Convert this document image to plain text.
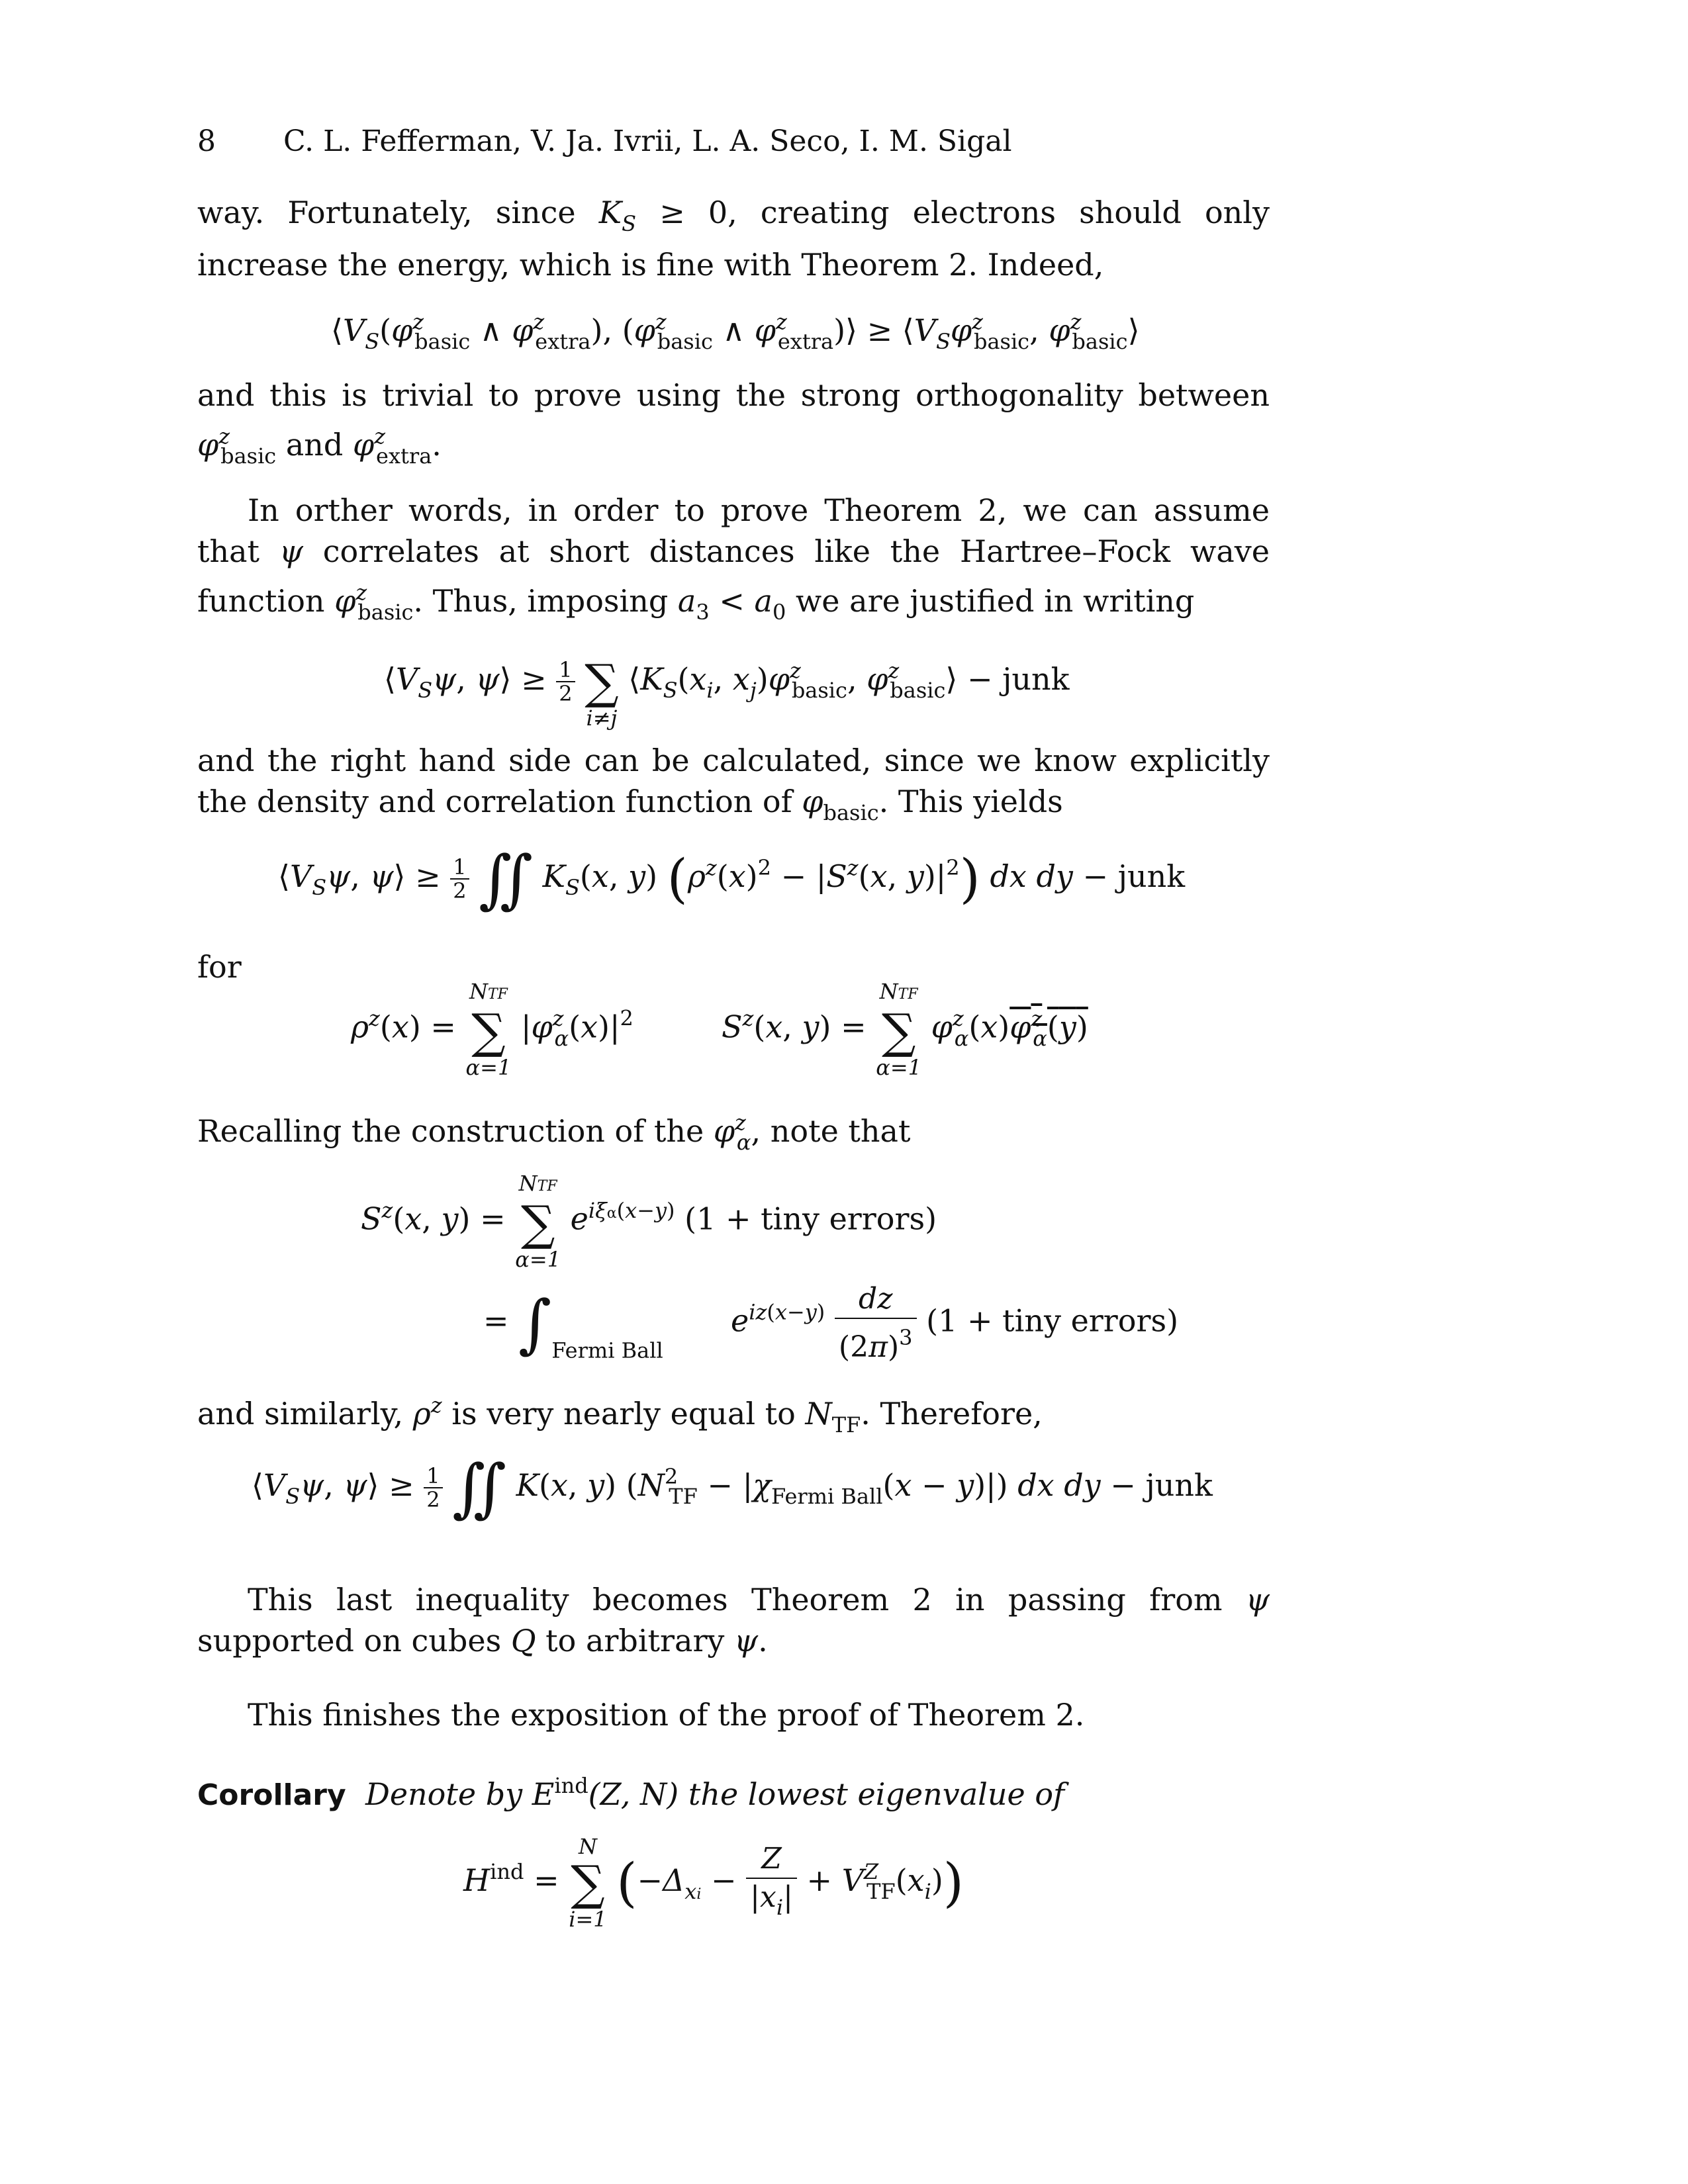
8 C. L. Fefferman, V. Ja. Ivrii, L. A. Seco, I. M. Sigal
way. Fortunately, since $K_S \ge 0$, creating electrons should only increase the energy, which is fine with Theorem 2. Indeed,
$⟨V_S(\varphi^z_{basic}$ ∧ $\varphi^z_{extra}$), ($\varphi^z_{basic}$ ∧ $\varphi^z_{extra})⟩$ ≥ $⟨V_S\varphi^z_{basic}$, $\varphi^z_{basic}⟩$
and this is trivial to prove using the strong orthogonality between $\varphi^z_{basic}$ and $\varphi^z_{extra}$.
In orther words, in order to prove Theorem 2, we can assume that ψ correlates at short distances like the Hartree–Fock wave function $\varphi^z_{basic}$. Thus, imposing $a_3 < a_0$ we are justified in writing
$⟨V_S\psi$, ψ⟩ ≥ $\frac{1}{2}$

∑
i≠j
$⟨K_S(x_i$, $x_j)\varphi^z_{basic}$, $\varphi^z_{basic}⟩$ − junk
and the right hand side can be calculated, since we know explicitly the density and correlation function of $\varphi_{basic}$. This yields
$⟨V_S\psi$, ψ⟩ ≥ $\frac{1}{2}$ ∬ $K_S(x$, y) ($\rho^z(x)^2 - |S^z(x$, $y)|^2$) dx dy − junk
for
$\rho^z(x)$ =
NTF
∑
α=1
$|\varphi^z_\alpha(x)|^2$	$S^z(x$, y) =
NTF
∑
α=1
$\varphi^z_\alpha(x)\varphi^z_\alpha(y)$
Recalling the construction of the $\varphi^z_\alpha$, note that
$S^z(x$, y) =
NTF
∑
α=1
$e^{i\xi\alpha(x-y)}$ (1 + tiny errors)
= $\int_{Fermi Ball}$       $e^{iz(x-y)} \frac{dz}{(2\pi)^3} (1$ + tiny errors)
and similarly, $\rho^z$ is very nearly equal to $N_{TF}$. Therefore,
$⟨V_S\psi$, ψ⟩ ≥ $\frac{1}{2}$ ∬ K(x, y) $(N^2_{TF} - |\chi_{Fermi Ball}(x - y)|)$ dx dy − junk
This last inequality becomes Theorem 2 in passing from ψ supported on cubes Q to arbitrary ψ.
This finishes the exposition of the proof of Theorem 2.
Corollary Denote by $E^{ind}(Z$, N) the lowest eigenvalue of
$H^{ind}$ =
N
∑
i=1
$(-\Delta_{xi} - \frac{Z}{|x_i|} + V^Z_{TF}(x_i))$
